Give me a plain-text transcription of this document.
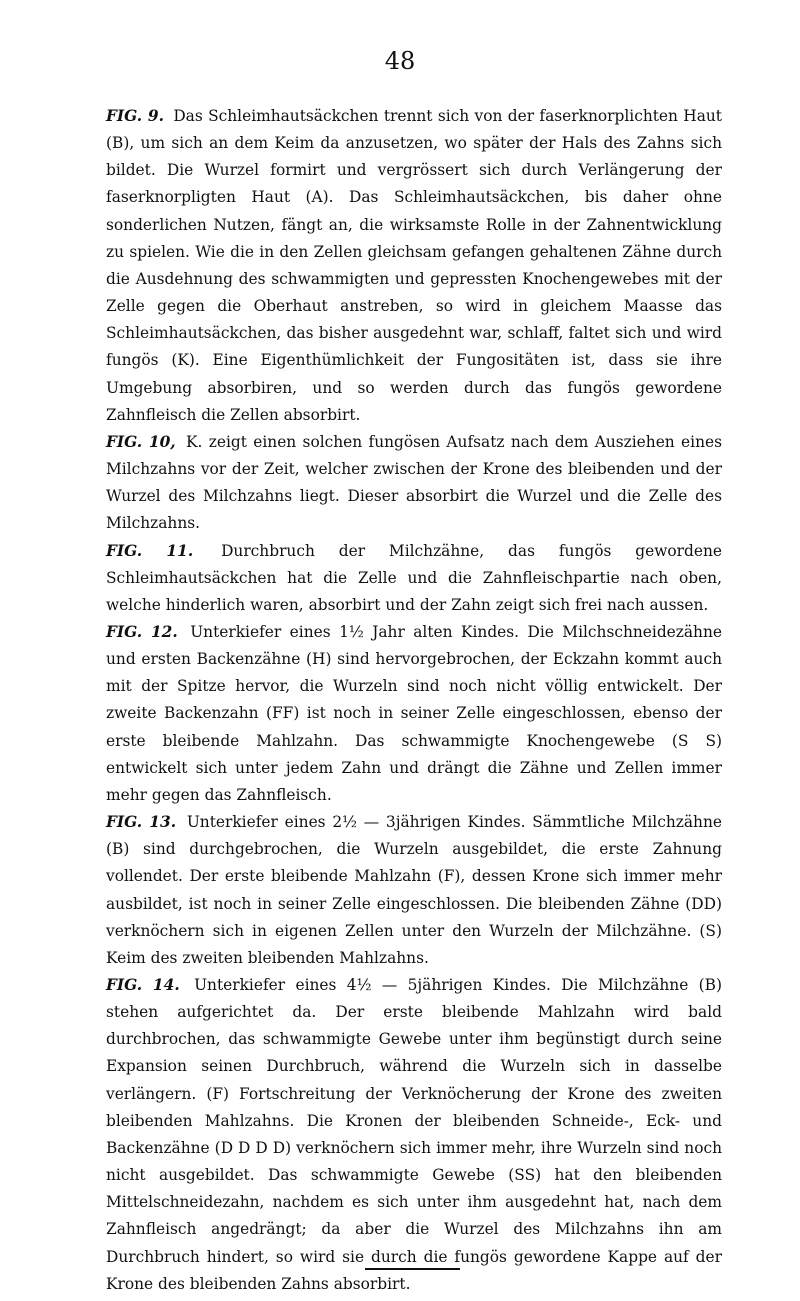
48

FIG. 9. Das Schleimhautsäckchen trennt sich von der faserknorplichten Haut (B), um sich an dem Keim da anzusetzen, wo später der Hals des Zahns sich bildet. Die Wurzel formirt und vergrössert sich durch Verlängerung der faserknorpligten Haut (A). Das Schleimhautsäckchen, bis daher ohne sonderlichen Nutzen, fängt an, die wirksamste Rolle in der Zahnentwicklung zu spielen. Wie die in den Zellen gleichsam gefangen gehaltenen Zähne durch die Ausdehnung des schwammigten und gepressten Knochengewebes mit der Zelle gegen die Oberhaut anstreben, so wird in gleichem Maasse das Schleimhautsäckchen, das bisher ausgedehnt war, schlaff, faltet sich und wird fungös (K). Eine Eigenthümlichkeit der Fungositäten ist, dass sie ihre Umgebung absorbiren, und so werden durch das fungös gewordene Zahnfleisch die Zellen absorbirt.

FIG. 10, K. zeigt einen solchen fungösen Aufsatz nach dem Ausziehen eines Milchzahns vor der Zeit, welcher zwischen der Krone des bleibenden und der Wurzel des Milchzahns liegt. Dieser absorbirt die Wurzel und die Zelle des Milchzahns.

FIG. 11. Durchbruch der Milchzähne, das fungös gewordene Schleimhautsäckchen hat die Zelle und die Zahnfleischpartie nach oben, welche hinderlich waren, absorbirt und der Zahn zeigt sich frei nach aussen.

FIG. 12. Unterkiefer eines 1½ Jahr alten Kindes. Die Milchschneidezähne und ersten Backenzähne (H) sind hervorgebrochen, der Eckzahn kommt auch mit der Spitze hervor, die Wurzeln sind noch nicht völlig entwickelt. Der zweite Backenzahn (FF) ist noch in seiner Zelle eingeschlossen, ebenso der erste bleibende Mahlzahn. Das schwammigte Knochengewebe (S S) entwickelt sich unter jedem Zahn und drängt die Zähne und Zellen immer mehr gegen das Zahnfleisch.

FIG. 13. Unterkiefer eines 2½ — 3jährigen Kindes. Sämmtliche Milchzähne (B) sind durchgebrochen, die Wurzeln ausgebildet, die erste Zahnung vollendet. Der erste bleibende Mahlzahn (F), dessen Krone sich immer mehr ausbildet, ist noch in seiner Zelle eingeschlossen. Die bleibenden Zähne (DD) verknöchern sich in eigenen Zellen unter den Wurzeln der Milchzähne. (S) Keim des zweiten bleibenden Mahlzahns.

FIG. 14. Unterkiefer eines 4½ — 5jährigen Kindes. Die Milchzähne (B) stehen aufgerichtet da. Der erste bleibende Mahlzahn wird bald durchbrochen, das schwammigte Gewebe unter ihm begünstigt durch seine Expansion seinen Durchbruch, während die Wurzeln sich in dasselbe verlängern. (F) Fortschreitung der Verknöcherung der Krone des zweiten bleibenden Mahlzahns. Die Kronen der bleibenden Schneide-, Eck- und Backenzähne (D D D D) verknöchern sich immer mehr, ihre Wurzeln sind noch nicht ausgebildet. Das schwammigte Gewebe (SS) hat den bleibenden Mittelschneidezahn, nachdem es sich unter ihm ausgedehnt hat, nach dem Zahnfleisch angedrängt; da aber die Wurzel des Milchzahns ihn am Durchbruch hindert, so wird sie durch die fungös gewordene Kappe auf der Krone des bleibenden Zahns absorbirt.
